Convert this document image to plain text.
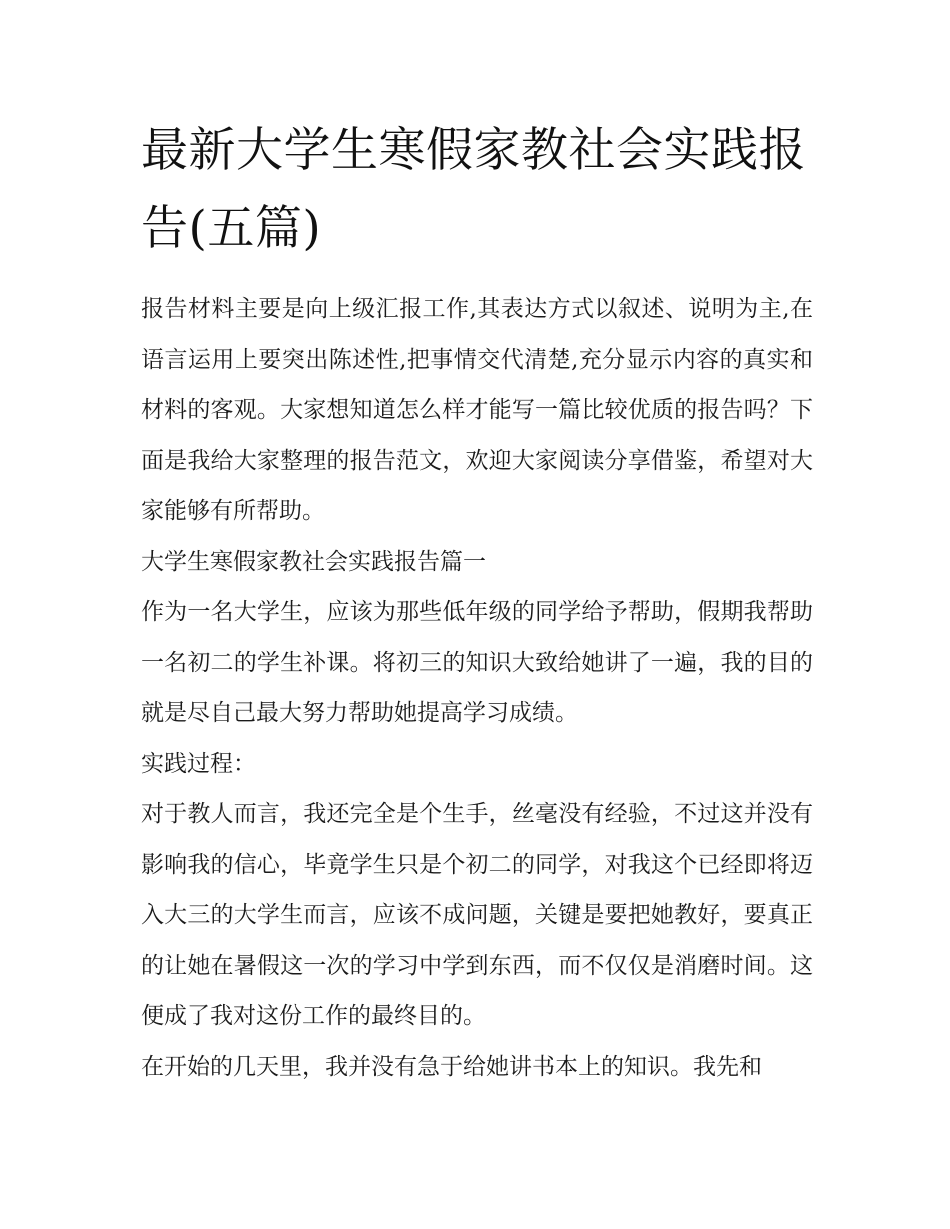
最新大学生寒假家教社会实践报告(五篇)

报告材料主要是向上级汇报工作,其表达方式以叙述、说明为主,在语言运用上要突出陈述性,把事情交代清楚,充分显示内容的真实和材料的客观。大家想知道怎么样才能写一篇比较优质的报告吗？下面是我给大家整理的报告范文，欢迎大家阅读分享借鉴，希望对大家能够有所帮助。

大学生寒假家教社会实践报告篇一

作为一名大学生，应该为那些低年级的同学给予帮助，假期我帮助一名初二的学生补课。将初三的知识大致给她讲了一遍，我的目的就是尽自己最大努力帮助她提高学习成绩。

实践过程：

对于教人而言，我还完全是个生手，丝毫没有经验，不过这并没有影响我的信心，毕竟学生只是个初二的同学，对我这个已经即将迈入大三的大学生而言，应该不成问题，关键是要把她教好，要真正的让她在暑假这一次的学习中学到东西，而不仅仅是消磨时间。这便成了我对这份工作的最终目的。

在开始的几天里，我并没有急于给她讲书本上的知识。我先和
